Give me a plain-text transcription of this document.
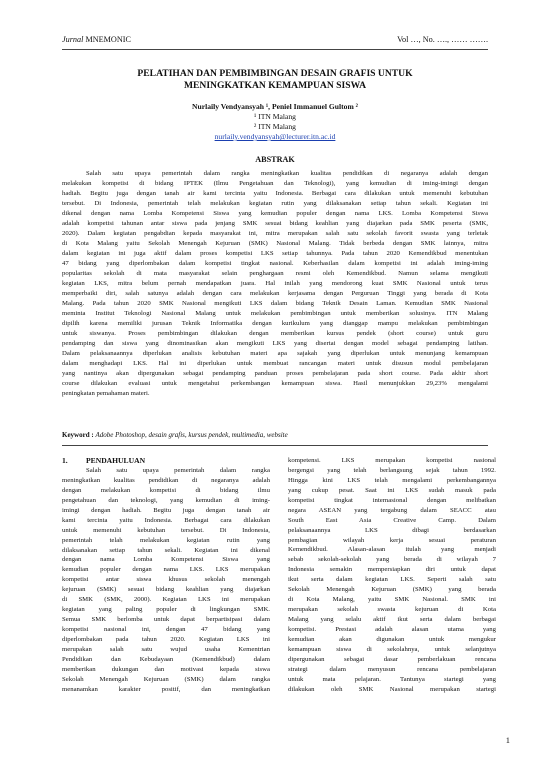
Jurnal MNEMONIC	Vol …, No. …., …… …….
PELATIHAN DAN PEMBIMBINGAN DESAIN GRAFIS UNTUK
MENINGKATKAN KEMAMPUAN SISWA
Nurlaily Vendyansyah ¹, Peniel Immanuel Gultom ²
¹ ITN Malang
² ITN Malang
nurlaily.vendyansyah@lecturer.itn.ac.id
ABSTRAK
Salah satu upaya pemerintah dalam rangka meningkatkan kualitas pendidikan di negaranya adalah dengan
melakukan kompetisi di bidang IPTEK (Ilmu Pengetahuan dan Teknologi), yang kemudian di iming-imingi dengan
hadiah. Begitu juga dengan tanah air kami tercinta yaitu Indonesia. Berbagai cara dilakukan untuk memenuhi kebutuhan
tersebut. Di Indonesia, pemerintah telah melakukan kegiatan rutin yang dilaksanakan setiap tahun sekali. Kegiatan ini
dikenal dengan nama Lomba Kompetensi Siswa yang kemudian populer dengan nama LKS. Lomba Kompetensi Siswa
adalah kompetisi tahunan antar siswa pada jenjang SMK sesuai bidang keahlian yang diajarkan pada SMK peserta (SMK,
2020). Dalam kegiatan pengabdian kepada masyarakat ini, mitra merupakan salah satu sekolah favorit swasta yang terletak
di Kota Malang yaitu Sekolah Menengah Kejuruan (SMK) Nasional Malang. Tidak berbeda dengan SMK lainnya, mitra
dalam kegiatan ini juga aktif dalam proses kompetisi LKS setiap tahunnya. Pada tahun 2020 Kemendikbud menentukan
47 bidang yang diperlombakan dalam kompetisi tingkat nasional. Keberhasilan dalam kompetisi ini adalah iming-iming
popularitas sekolah di mata masyarakat selain penghargaan resmi oleh Kemendikbud. Namun selama mengikuti
kegiatan LKS, mitra belum pernah mendapatkan juara. Hal inilah yang mendorong kuat SMK Nasional untuk terus
memperbaiki diri, salah satunya adalah dengan cara melakukan kerjasama dengan Perguruan Tinggi yang berada di Kota
Malang. Pada tahun 2020 SMK Nasional mengikuti LKS dalam bidang Teknik Desain Laman. Kemudian SMK Nasional
meminta Institut Teknologi Nasional Malang untuk melakukan pembimbingan untuk memberikan solusinya. ITN Malang
dipilih karena memiliki jurusan Teknik Informatika dengan kurikulum yang dianggap mampu melakukan pembimbingan
untuk siswanya. Proses pembimbingan dilakukan dengan memberikan kursus pendek (short course) untuk guru
pendamping dan siswa yang dinominasikan akan mengikuti LKS yang disertai dengan model sebagai pendamping latihan.
Dalam pelaksanaannya diperlukan analisis kebutuhan materi apa sajakah yang diperlukan untuk menunjang kemampuan
dalam menghadapi LKS. Hal ini diperlukan untuk membuat rancangan materi untuk disusun modul pembelajaran
yang nantinya akan dipergunakan sebagai pendamping panduan proses pembelajaran pada short course. Pada akhir short
course dilakukan evaluasi untuk mengetahui perkembangan kemampuan siswa. Hasil menunjukkan 29,23% mengalami
peningkatan pemahaman materi.
Keyword : Adobe Photoshop, desain grafis, kursus pendek, multimedia, website
1. PENDAHULUAN
Salah satu upaya pemerintah dalam rangka
meningkatkan kualitas pendidikan di negaranya adalah
dengan melakukan kompetisi di bidang ilmu
pengetahuan dan teknologi, yang kemudian di iming-
imingi dengan hadiah. Begitu juga dengan tanah air
kami tercinta yaitu Indonesia. Berbagai cara dilakukan
untuk memenuhi kebutuhan tersebut. Di Indonesia,
pemerintah telah melakukan kegiatan rutin yang
dilaksanakan setiap tahun sekali. Kegiatan ini dikenal
dengan nama Lomba Kompetensi Siswa yang
kemudian populer dengan nama LKS. LKS merupakan
kompetisi antar siswa khusus sekolah menengah
kejuruan (SMK) sesuai bidang keahlian yang diajarkan
di SMK (SMK, 2000). Kegiatan LKS ini merupakan
kegiatan yang paling populer di lingkungan SMK.
Semua SMK berlomba untuk dapat berpartisipasi dalam
kompetisi nasional ini, dengan 47 bidang yang
diperlombakan pada tahun 2020. Kegiatan LKS ini
merupakan salah satu wujud usaha Kementrian
Pendidikan dan Kebudayaan (Kemendikbud) dalam
memberikan dukungan dan motivasi kepada siswa
Sekolah Menengah Kejuruan (SMK) dalam rangka
menanamkan karakter positif, dan meningkatkan
kompetensi. LKS merupakan kompetisi nasional
bergengsi yang telah berlangsung sejak tahun 1992.
Hingga kini LKS telah mengalami perkembangannya
yang cukup pesat. Saat ini LKS sudah masuk pada
kompetisi tingkat internasional dengan melibatkan
negara ASEAN yang tergabung dalam SEACC atau
South East Asia Creative Camp. Dalam
pelaksanaannya LKS dibagi berdasarkan
pembagian wilayah kerja sesuai peraturan
Kemendikbud. Alasan-alasan itulah yang menjadi
sebab sekolah-sekolah yang berada di wilayah 7
Indonesia semakin mempersiapkan diri untuk dapat
ikut serta dalam kegiatan LKS. Seperti salah satu
Sekolah Menengah Kejuruan (SMK) yang berada
di Kota Malang, yaitu SMK Nasional. SMK ini
merupakan sekolah swasta kejuruan di Kota
Malang yang selalu aktif ikut serta dalam berbagai
kompetisi. Prestasi adalah alasan utama yang
kemudian akan digunakan untuk mengukur
kemampuan siswa di sekolahnya, untuk selanjutnya
dipergunakan sebagai dasar pemberlakuan rencana
strategi dalam menyusun rencana pembelajaran
untuk mata pelajaran. Tantunya startegi yang
dilakukan oleh SMK Nasional merupakan startegi
1
